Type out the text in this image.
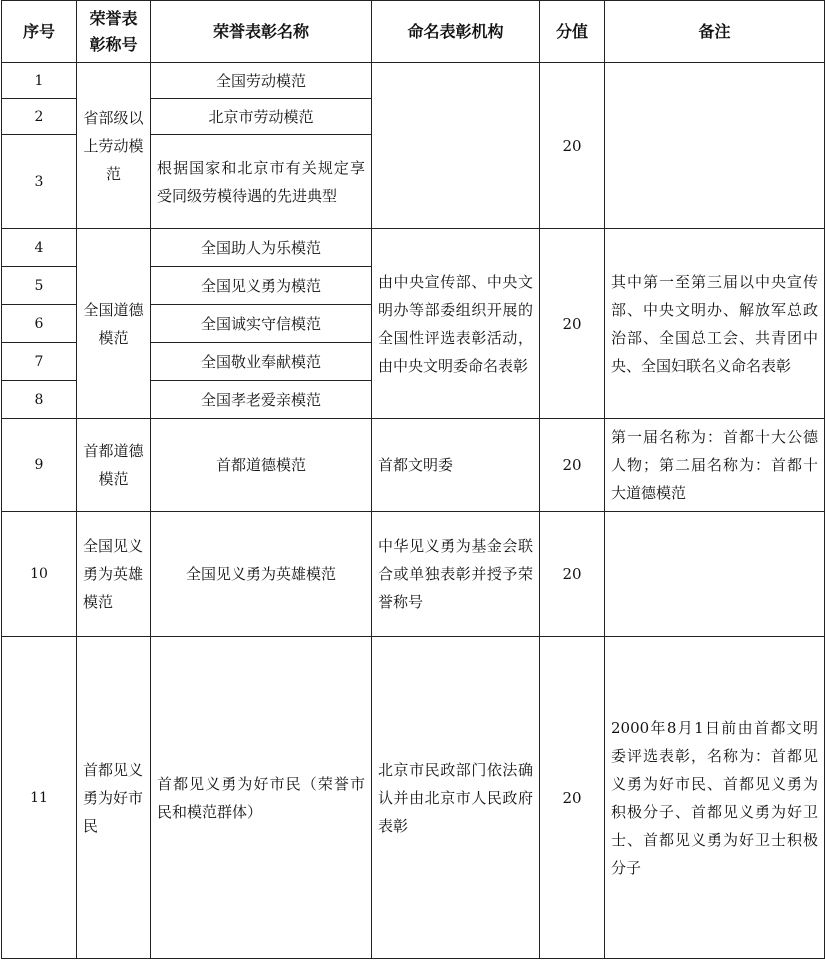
序号	荣誉表彰称号	荣誉表彰名称	命名表彰机构	分值	备注
1	省部级以上劳动模范	全国劳动模范		20	
2		北京市劳动模范			
3		根据国家和北京市有关规定享受同级劳模待遇的先进典型			
4	全国道德模范	全国助人为乐模范	由中央宣传部、中央文明办等部委组织开展的全国性评选表彰活动，由中央文明委命名表彰	20	其中第一至第三届以中央宣传部、中央文明办、解放军总政治部、全国总工会、共青团中央、全国妇联名义命名表彰
5		全国见义勇为模范			
6		全国诚实守信模范			
7		全国敬业奉献模范			
8		全国孝老爱亲模范			
9	首都道德模范	首都道德模范	首都文明委	20	第一届名称为：首都十大公德人物；第二届名称为：首都十大道德模范
10	全国见义勇为英雄模范	全国见义勇为英雄模范	中华见义勇为基金会联合或单独表彰并授予荣誉称号	20	
11	首都见义勇为好市民	首都见义勇为好市民（荣誉市民和模范群体）	北京市民政部门依法确认并由北京市人民政府表彰	20	2000年8月1日前由首都文明委评选表彰，名称为：首都见义勇为好市民、首都见义勇为积极分子、首都见义勇为好卫士、首都见义勇为好卫士积极分子
